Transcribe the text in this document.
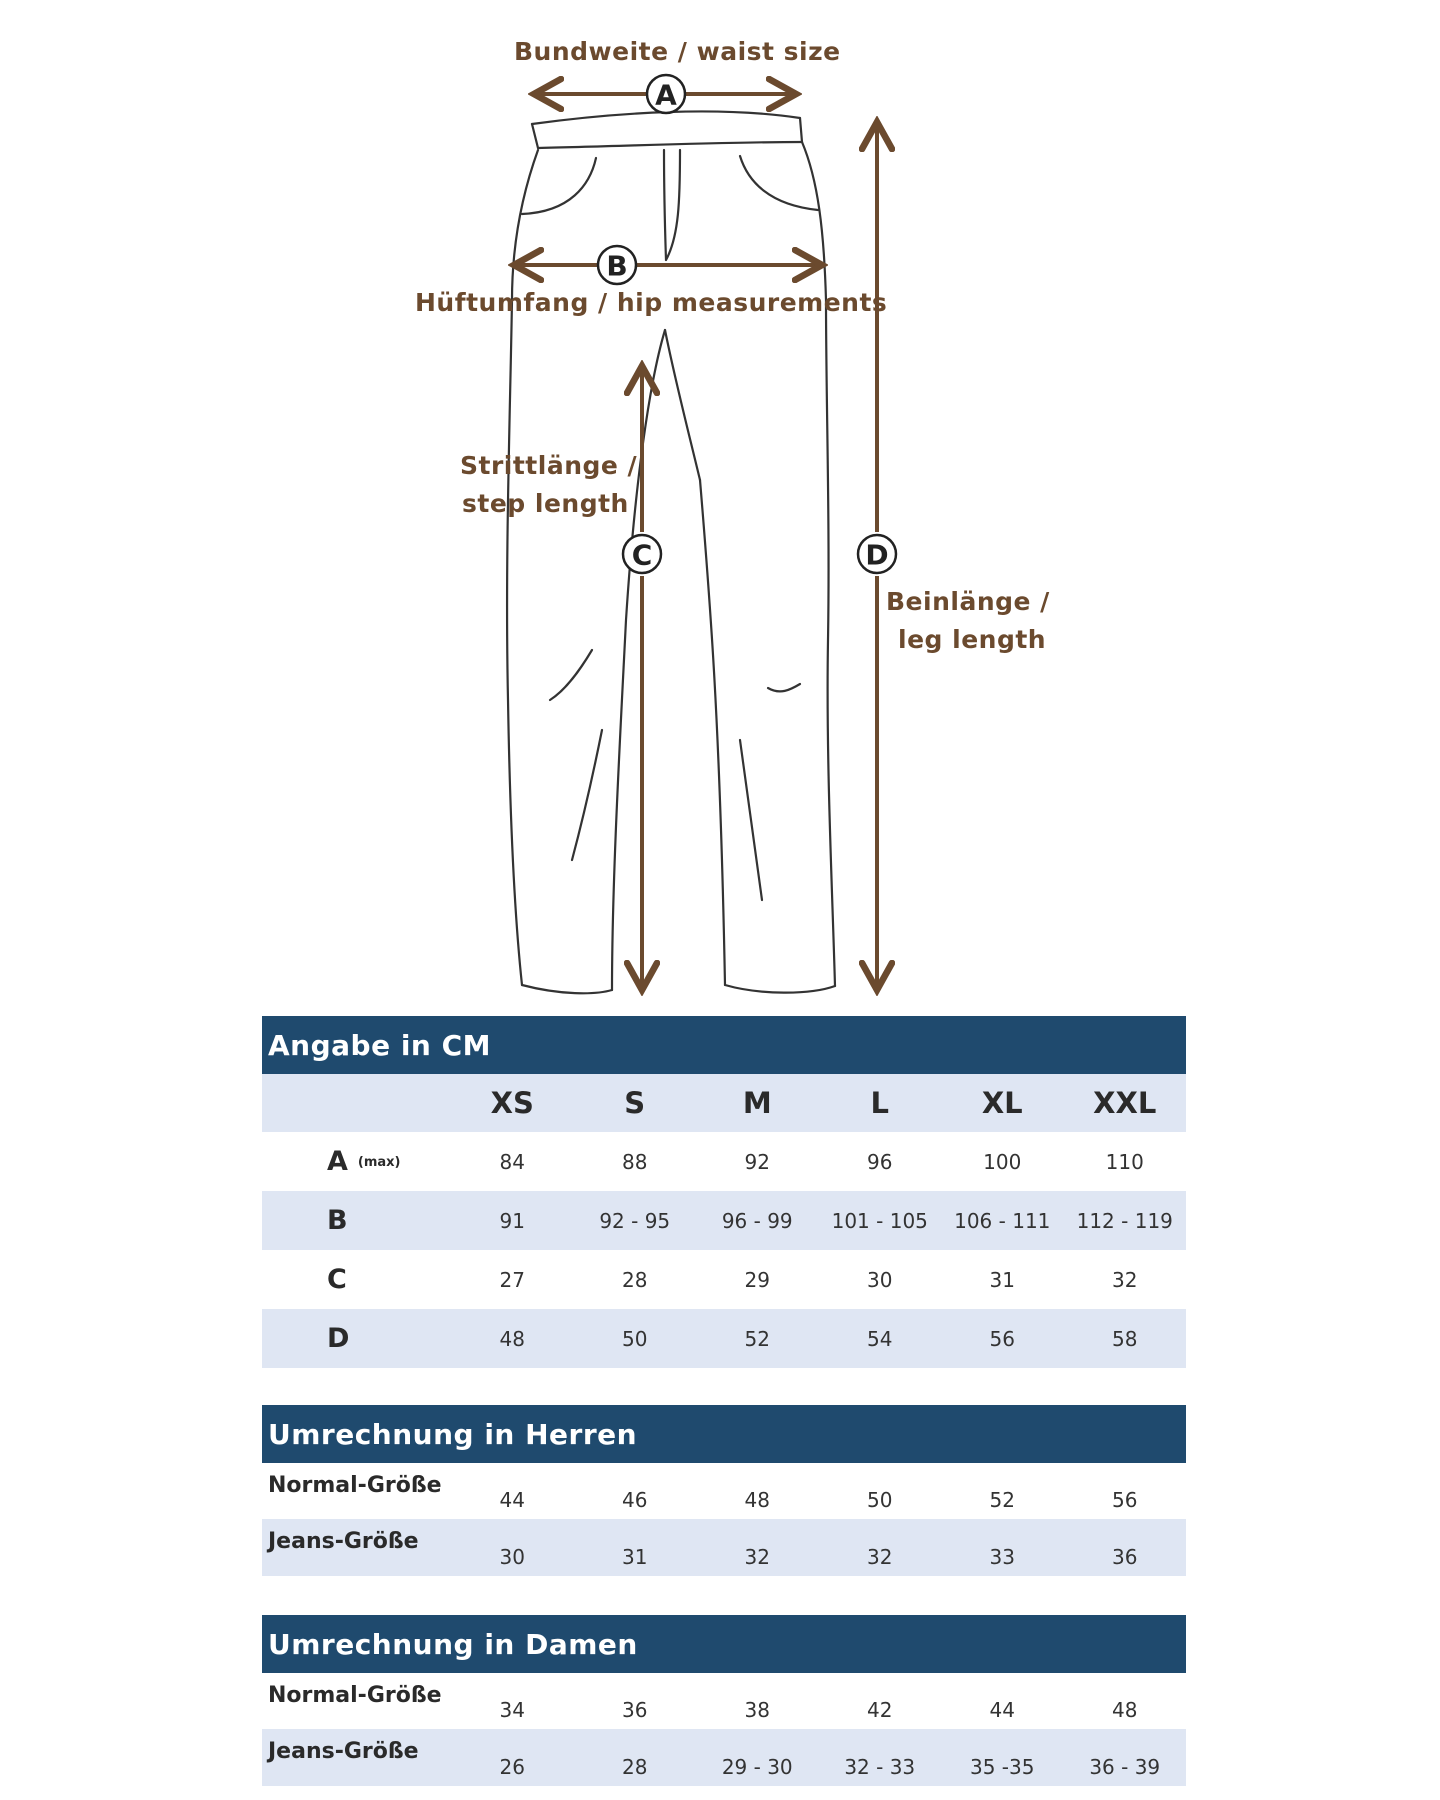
A
B
C	D
Bundweite / waist size
Hüftumfang / hip measurements
Strittlänge /
step length
Beinlänge /
leg length
Angabe in CM
XS	S	M	L	XL	XXL
A (max)	84	88	92	96	100	110
B	91	92 - 95	96 - 99	101 - 105	106 - 111	112 - 119
C	27	28	29	30	31	32
D	48	50	52	54	56	58
Umrechnung in Herren
Normal-Größe
44	46	48	50	52	56
Jeans-Größe
30	31	32	32	33	36
Umrechnung in Damen
Normal-Größe
34	36	38	42	44	48
Jeans-Größe
26	28	29 - 30	32 - 33	35 -35	36 - 39
